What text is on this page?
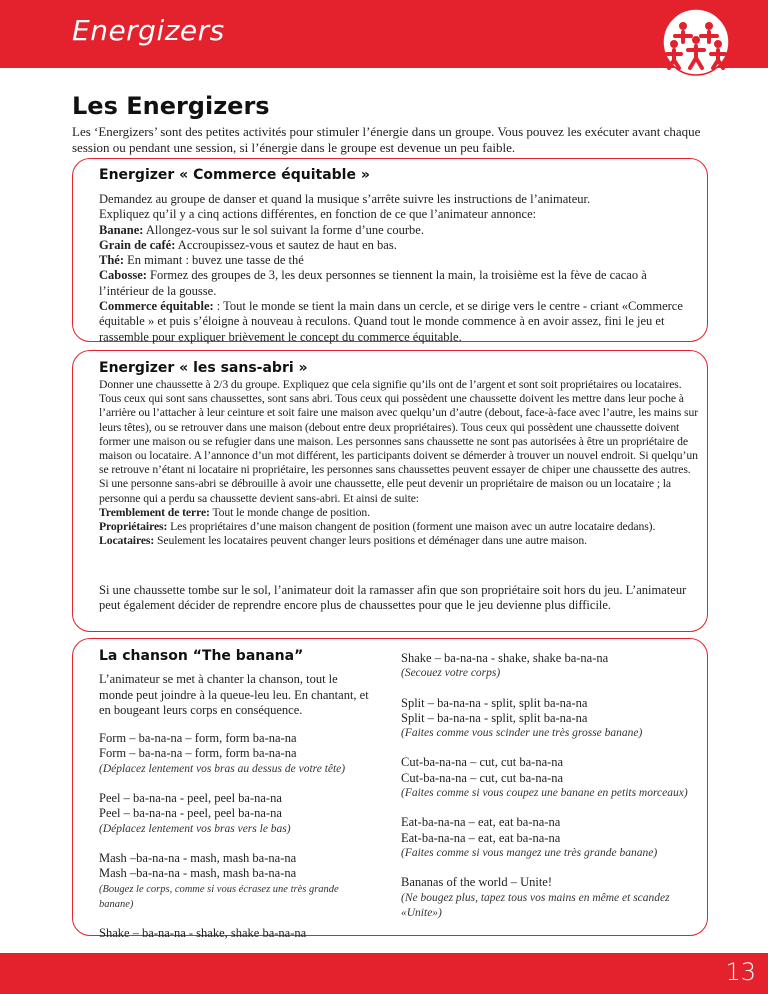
Energizers
Les Energizers
Les ‘Energizers’ sont des petites activités pour stimuler l’énergie dans un groupe. Vous pouvez les exécuter avant chaque session ou pendant une session, si l’énergie dans le groupe est devenue un peu faible.
Energizer « Commerce équitable »
Demandez au groupe de danser et quand la musique s’arrête suivre les instructions de l’animateur.
Expliquez qu’il y a cinq actions différentes, en fonction de ce que l’animateur annonce:
Banane: Allongez-vous sur le sol suivant la forme d’une courbe.
Grain de café: Accroupissez-vous et sautez de haut en bas.
Thé: En mimant : buvez une tasse de thé
Cabosse: Formez des groupes de 3, les deux personnes se tiennent la main, la troisième est la fève de cacao à l’intérieur de la gousse.
Commerce équitable: : Tout le monde se tient la main dans un cercle, et se dirige vers le centre - criant «Commerce équitable » et puis s’éloigne à nouveau à reculons. Quand tout le monde commence à en avoir assez, fini le jeu et rassemble pour expliquer brièvement le concept du commerce équitable.
Energizer « les sans-abri »
Donner une chaussette à 2/3 du groupe. Expliquez que cela signifie qu’ils ont de l’argent et sont soit propriétaires ou locataires. Tous ceux qui sont sans chaussettes, sont sans abri. Tous ceux qui possèdent une chaussette doivent les mettre dans leur poche à l’arrière ou l’attacher à leur ceinture et soit faire une maison avec quelqu’un d’autre (debout, face-à-face avec l’autre, les mains sur leurs têtes), ou se retrouver dans une maison (debout entre deux propriétaires). Tous ceux qui possèdent une chaussette doivent former une maison ou se refugier dans une maison. Les personnes sans chaussette ne sont pas autorisées à être un propriétaire de maison ou locataire. A l’annonce d’un mot différent, les participants doivent se démerder à trouver un nouvel endroit. Si quelqu’un se retrouve n’étant ni locataire ni propriétaire, les personnes sans chaussettes peuvent essayer de chiper une chaussette des autres. Si une personne sans-abri se débrouille à avoir une chaussette, elle peut devenir un propriétaire de maison ou un locataire ; la personne qui a perdu sa chaussette devient sans-abri. Et ainsi de suite:
Tremblement de terre: Tout le monde change de position.
Propriétaires: Les propriétaires d’une maison changent de position (forment une maison avec un autre locataire dedans).
Locataires: Seulement les locataires peuvent changer leurs positions et déménager dans une autre maison.
Si une chaussette tombe sur le sol, l’animateur doit la ramasser afin que son propriétaire soit hors du jeu. L’animateur peut également décider de reprendre encore plus de chaussettes pour que le jeu devienne plus difficile.
La chanson “The banana”

L’animateur se met à chanter la chanson, tout le monde peut joindre à la queue-leu leu. En chantant, et en bougeant leurs corps en conséquence.

Form – ba-na-na – form, form ba-na-na

Form – ba-na-na – form, form ba-na-na

(Déplacez lentement vos bras au dessus de votre tête)

Peel – ba-na-na - peel, peel ba-na-na

Peel – ba-na-na - peel, peel ba-na-na

(Déplacez lentement vos bras vers le bas)

Mash –ba-na-na - mash, mash ba-na-na

Mash –ba-na-na - mash, mash ba-na-na

(Bougez le corps, comme si vous écrasez une très grande banane)

Shake – ba-na-na - shake, shake ba-na-na

Shake – ba-na-na - shake, shake ba-na-na

(Secouez votre corps)

Split – ba-na-na - split, split ba-na-na

Split – ba-na-na - split, split ba-na-na

(Faites comme vous scinder une très grosse banane)

Cut-ba-na-na – cut, cut ba-na-na

Cut-ba-na-na – cut, cut ba-na-na

(Faites comme si vous coupez une banane en petits morceaux)

Eat-ba-na-na – eat, eat ba-na-na

Eat-ba-na-na – eat, eat ba-na-na

(Faites comme si vous mangez une très grande banane)

Bananas of the world – Unite!

(Ne bougez plus, tapez tous vos mains en même et scandez «Unite»)

13
